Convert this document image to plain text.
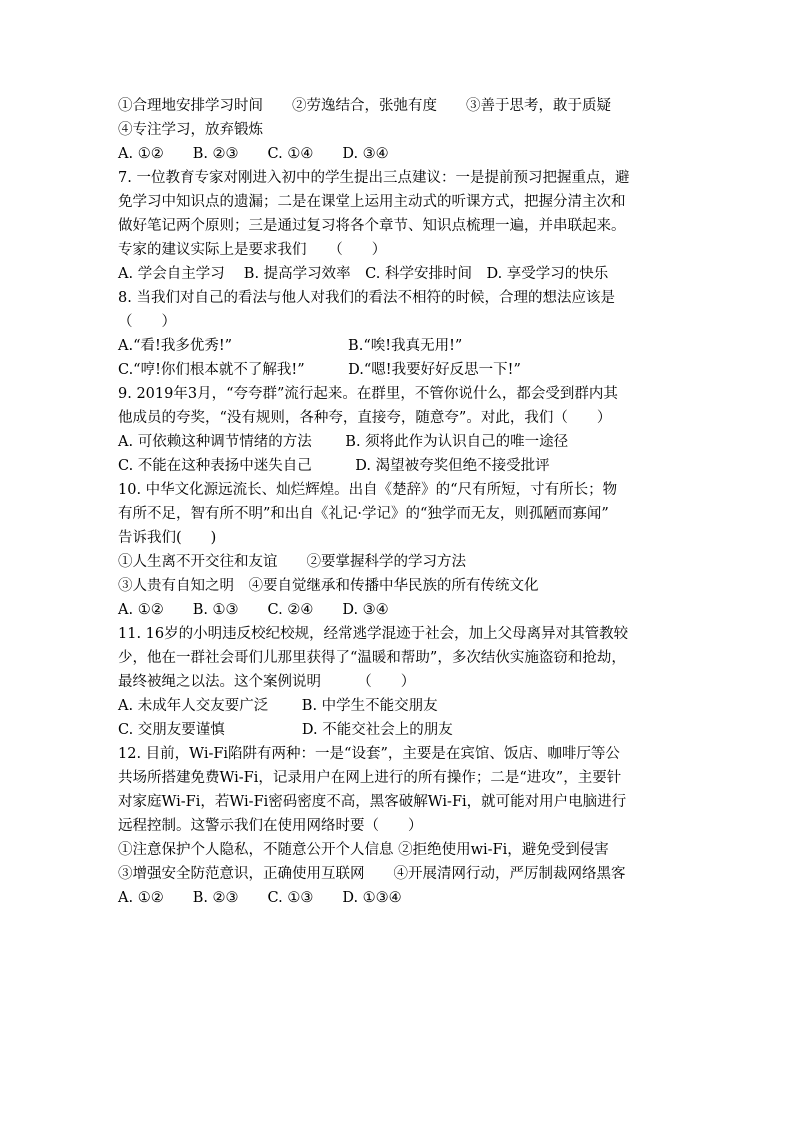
①合理地安排学习时间　　②劳逸结合，张弛有度　　③善于思考，敢于质疑
④专注学习，放弃锻炼
A. ①②　　B. ②③　　C. ①④　　D. ③④
7. 一位教育专家对刚进入初中的学生提出三点建议：一是提前预习把握重点，避
免学习中知识点的遗漏；二是在课堂上运用主动式的听课方式，把握分清主次和
做好笔记两个原则；三是通过复习将各个章节、知识点梳理一遍，并串联起来。
专家的建议实际上是要求我们　　（　　）
A. 学会自主学习　 B. 提高学习效率　C. 科学安排时间　D. 享受学习的快乐
8. 当我们对自己的看法与他人对我们的看法不相符的时候，合理的想法应该是
（　　）
A.“看!我多优秀!”　　　　　　　　B.“唉!我真无用!”
C.“哼!你们根本就不了解我!”　　　D.“嗯!我要好好反思一下!”
9. 2019年3月，“夸夸群”流行起来。在群里，不管你说什么，都会受到群内其
他成员的夸奖，“没有规则，各种夸，直接夸，随意夸”。对此，我们（　　）
A. 可依赖这种调节情绪的方法　　 B. 须将此作为认识自己的唯一途径
C. 不能在这种表扬中迷失自己　　　D. 渴望被夸奖但绝不接受批评
10. 中华文化源远流长、灿烂辉煌。出自《楚辞》的“尺有所短，寸有所长；物
有所不足，智有所不明”和出自《礼记·学记》的“独学而无友，则孤陋而寡闻”
告诉我们(　　)
①人生离不开交往和友谊　　②要掌握科学的学习方法
③人贵有自知之明　④要自觉继承和传播中华民族的所有传统文化
A. ①②　　B. ①③　　C. ②④　　D. ③④
11. 16岁的小明违反校纪校规，经常逃学混迹于社会，加上父母离异对其管教较
少，他在一群社会哥们儿那里获得了“温暖和帮助”，多次结伙实施盗窃和抢劫，
最终被绳之以法。这个案例说明　　　（　　）
A. 未成年人交友要广泛　　 B. 中学生不能交朋友
C. 交朋友要谨慎　　　　　 D. 不能交社会上的朋友
12. 目前，Wi-Fi陷阱有两种：一是“设套”，主要是在宾馆、饭店、咖啡厅等公
共场所搭建免费Wi-Fi，记录用户在网上进行的所有操作；二是“进攻”，主要针
对家庭Wi-Fi，若Wi-Fi密码密度不高，黑客破解Wi-Fi，就可能对用户电脑进行
远程控制。这警示我们在使用网络时要（　　）
①注意保护个人隐私，不随意公开个人信息 ②拒绝使用wi-Fi，避免受到侵害
③增强安全防范意识，正确使用互联网　　④开展清网行动，严厉制裁网络黑客
A. ①②　　B. ②③　　C. ①③　　D. ①③④
